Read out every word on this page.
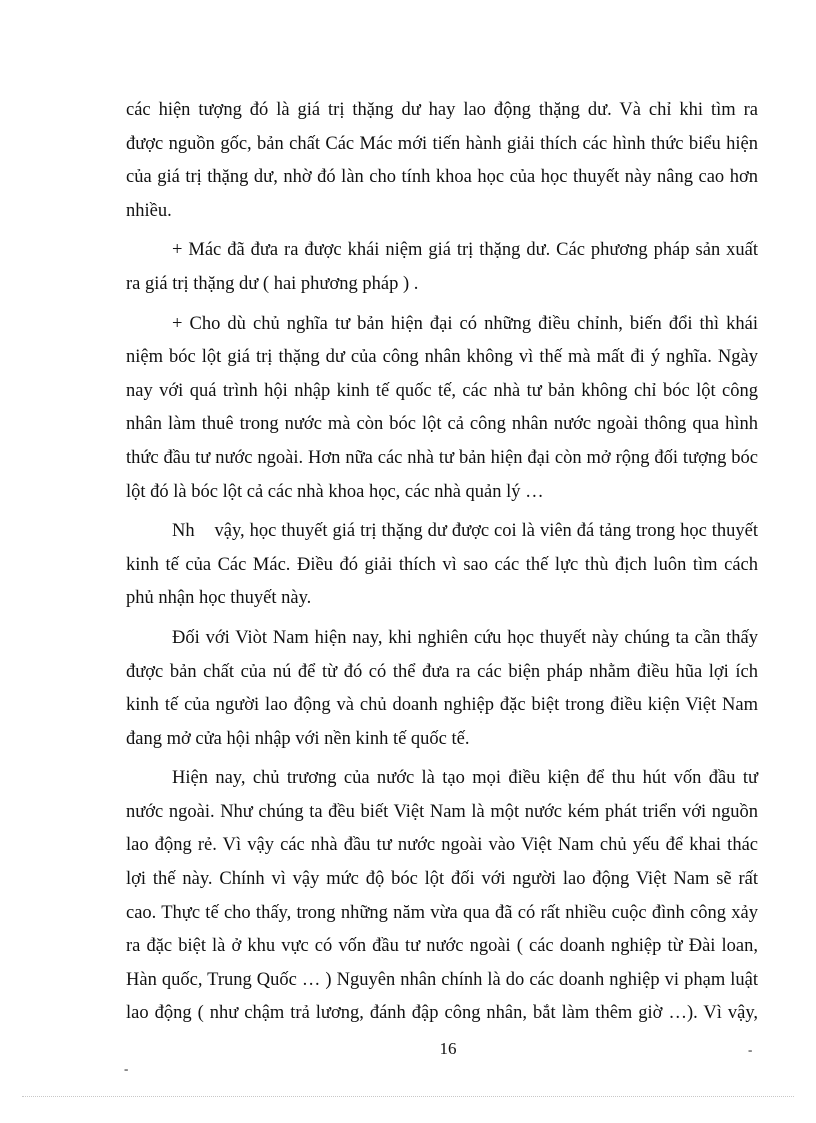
các hiện tượng đó là giá trị thặng dư hay lao động thặng dư. Và chỉ khi tìm ra
được nguồn gốc, bản chất Các Mác mới tiến hành giải thích các hình thức biểu hiện
của giá trị thặng dư, nhờ đó làn cho tính khoa học của học thuyết này nâng cao hơn
nhiều.
+ Mác đã đưa ra được khái niệm giá trị thặng dư. Các phương pháp sản xuất
ra giá trị thặng dư ( hai phương pháp ) .
+ Cho dù chủ nghĩa tư bản hiện đại có những điều chỉnh, biến đổi thì khái
niệm bóc lột giá trị thặng dư của công nhân không vì thế mà mất đi ý nghĩa. Ngày
nay với quá trình hội nhập kinh tế quốc tế, các nhà tư bản không chỉ bóc lột công
nhân làm thuê trong nước mà còn bóc lột cả công nhân nước ngoài thông qua hình
thức đầu tư nước ngoài. Hơn nữa các nhà tư bản hiện đại còn mở rộng đối tượng bóc
lột đó là bóc lột cả các nhà khoa học, các nhà quản lý …
Nh    vậy, học thuyết giá trị thặng dư được coi là viên đá tảng trong học thuyết
kinh tế của Các Mác. Điều đó giải thích vì sao các thế lực thù địch luôn tìm cách
phủ nhận học thuyết này.
Đối với Viòt Nam hiện nay, khi nghiên cứu học thuyết này chúng ta cần thấy
được bản chất của nú để từ đó có thể đưa ra các biện pháp nhằm điều hũa lợi ích
kinh tế của người lao động và chủ doanh nghiệp đặc biệt trong điều kiện Việt Nam
đang mở cửa hội nhập với nền kinh tế quốc tế.
Hiện nay, chủ trương của nước là tạo mọi điều kiện để thu hút vốn đầu tư
nước ngoài. Như chúng ta đều biết Việt Nam là một nước kém phát triển với nguồn
lao động rẻ. Vì vậy các nhà đầu tư nước ngoài vào Việt Nam chủ yếu để khai thác
lợi thế này. Chính vì vậy mức độ bóc lột đối với người lao động Việt Nam sẽ rất
cao. Thực tế cho thấy, trong những năm vừa qua đã có rất nhiều cuộc đình công xảy
ra đặc biệt là ở khu vực có vốn đầu tư nước ngoài ( các doanh nghiệp từ Đài loan,
Hàn quốc, Trung Quốc … ) Nguyên nhân chính là do các doanh nghiệp vi phạm luật
lao động ( như chậm trả lương, đánh đập công nhân, bắt làm thêm giờ …). Vì vậy,
16	-
-
